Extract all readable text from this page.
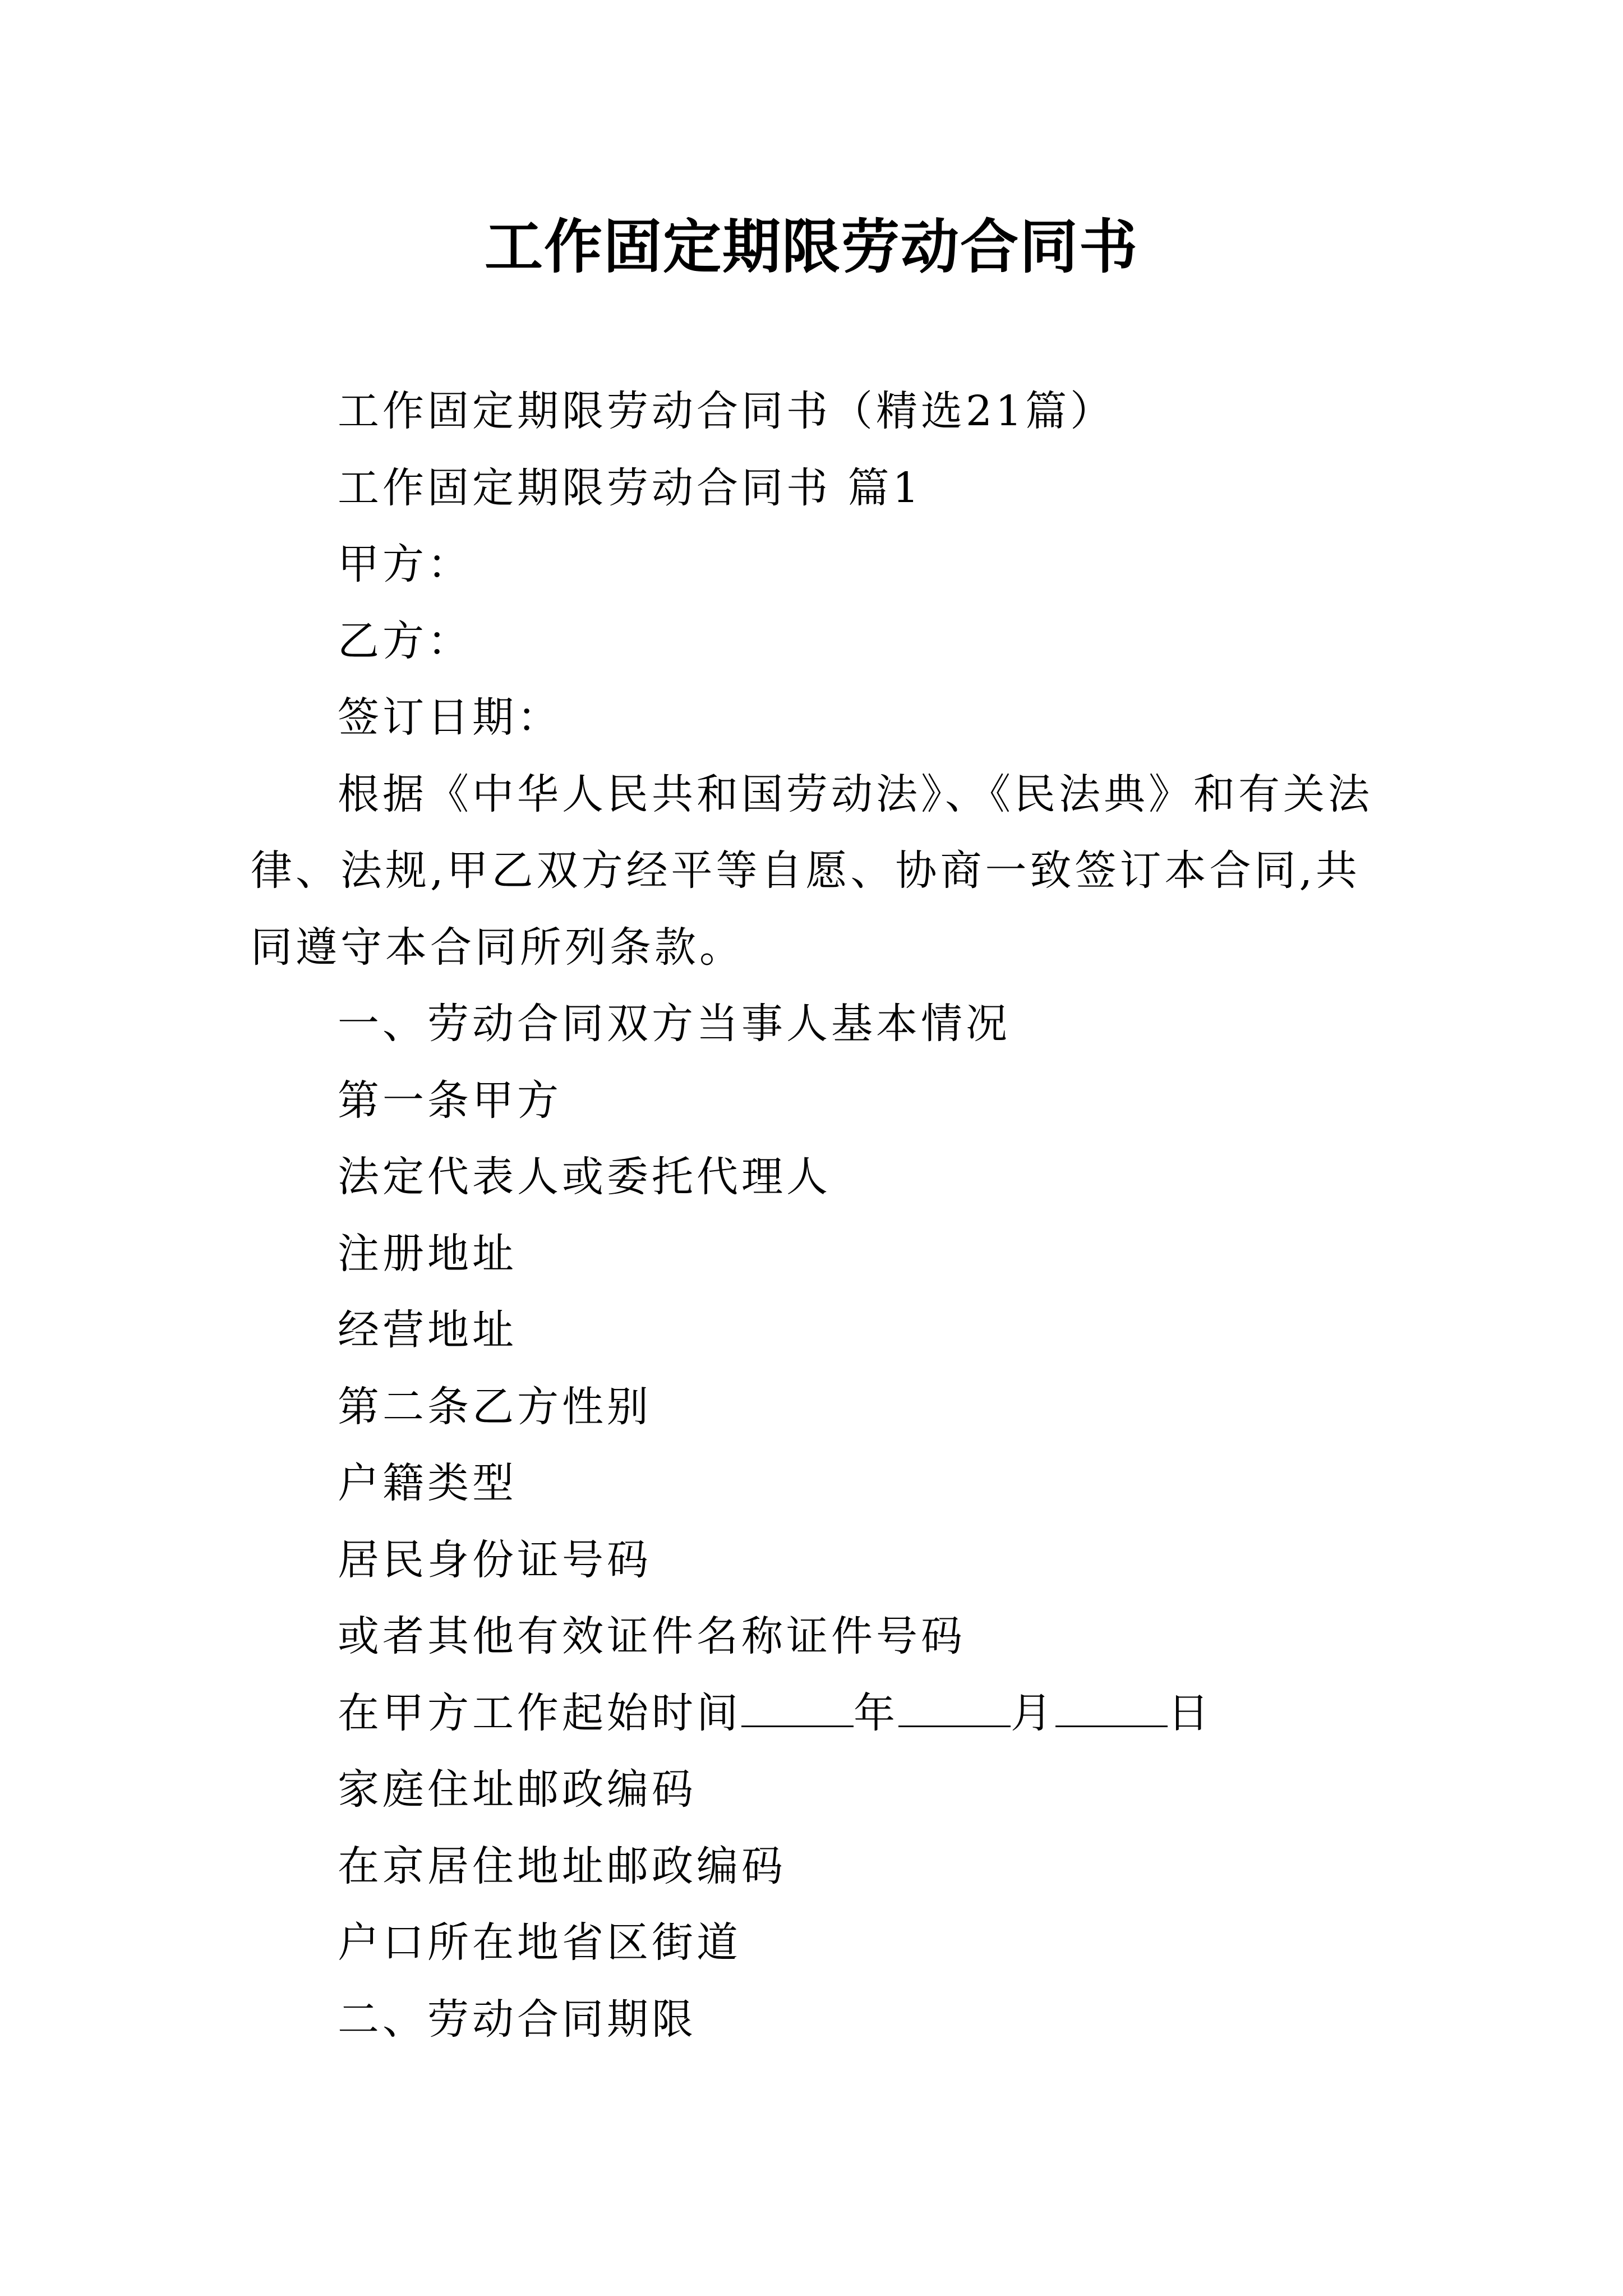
工作固定期限劳动合同书

工作固定期限劳动合同书（精选21篇）

工作固定期限劳动合同书 篇1

甲方：

乙方：

签订日期：

根据《中华人民共和国劳动法》、《民法典》和有关法律、法规,甲乙双方经平等自愿、协商一致签订本合同,共同遵守本合同所列条款。

一、劳动合同双方当事人基本情况

第一条甲方

法定代表人或委托代理人

注册地址

经营地址

第二条乙方性别

户籍类型

居民身份证号码

或者其他有效证件名称证件号码

在甲方工作起始时间	年	月	日

家庭住址邮政编码

在京居住地址邮政编码

户口所在地省区街道

二、劳动合同期限
